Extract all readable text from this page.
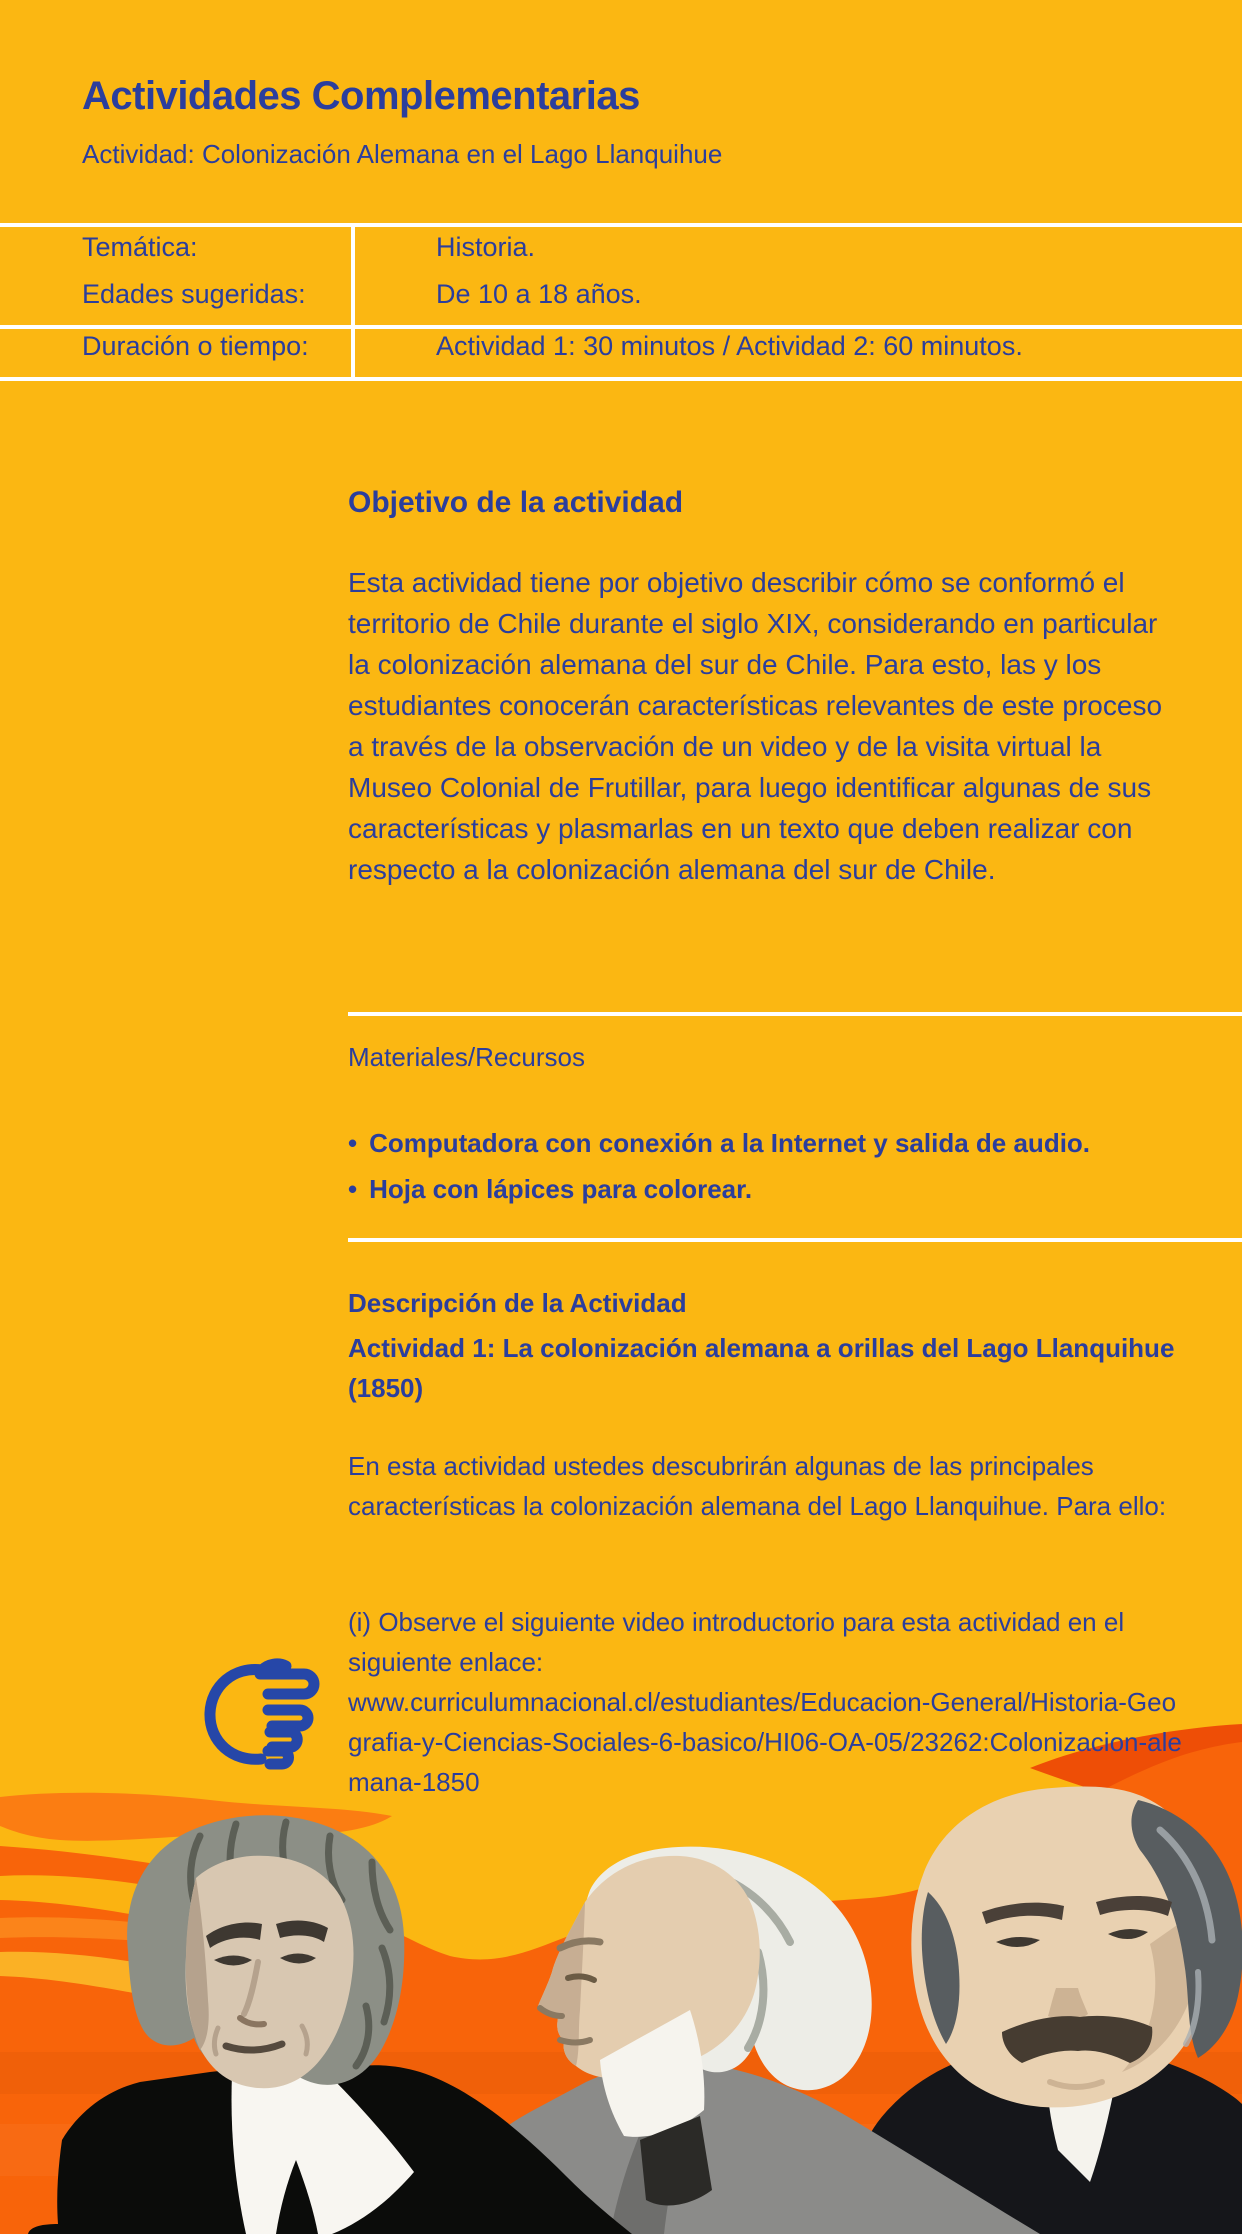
Actividades Complementarias
Actividad: Colonización Alemana en el Lago Llanquihue
Temática:	Historia.
Edades sugeridas:	De 10 a 18 años.
Duración o tiempo:	Actividad 1: 30 minutos / Actividad 2: 60 minutos.
Objetivo de la actividad
Esta actividad tiene por objetivo describir cómo se conformó el territorio de Chile durante el siglo XIX, considerando en particular la colonización alemana del sur de Chile. Para esto, las y los estudiantes conocerán características relevantes de este proceso a través de la observación de un video y de la visita virtual la Museo Colonial de Frutillar, para luego identificar algunas de sus características y plasmarlas en un texto que deben realizar con respecto a la colonización alemana del sur de Chile.
Materiales/Recursos
• Computadora con conexión a la Internet y salida de audio.
• Hoja con lápices para colorear.
Descripción de la Actividad
Actividad 1: La colonización alemana a orillas del Lago Llanquihue (1850)
En esta actividad ustedes descubrirán algunas de las principales características la colonización alemana del Lago Llanquihue. Para ello:
(i) Observe el siguiente video introductorio para esta actividad en el siguiente enlace:
www.curriculumnacional.cl/estudiantes/Educacion-General/Historia-Geografia-y-Ciencias-Sociales-6-basico/HI06-OA-05/23262:Colonizacion-alemana-1850
